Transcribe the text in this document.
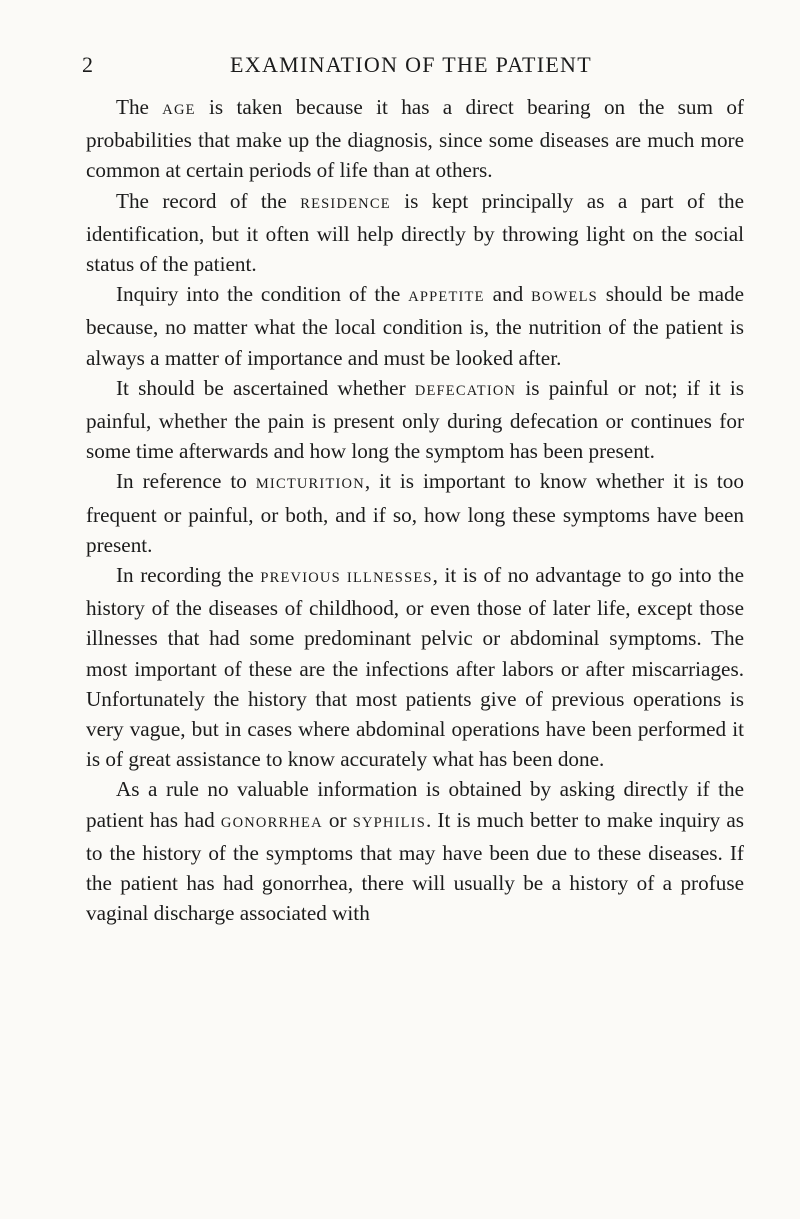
2	EXAMINATION OF THE PATIENT

The AGE is taken because it has a direct bearing on the sum of probabilities that make up the diagnosis, since some diseases are much more common at certain periods of life than at others.

The record of the RESIDENCE is kept principally as a part of the identification, but it often will help directly by throwing light on the social status of the patient.

Inquiry into the condition of the APPETITE and BOWELS should be made because, no matter what the local condition is, the nutrition of the patient is always a matter of importance and must be looked after.

It should be ascertained whether DEFECATION is painful or not; if it is painful, whether the pain is present only during defecation or continues for some time afterwards and how long the symptom has been present.

In reference to MICTURITION, it is important to know whether it is too frequent or painful, or both, and if so, how long these symptoms have been present.

In recording the PREVIOUS ILLNESSES, it is of no advantage to go into the history of the diseases of childhood, or even those of later life, except those illnesses that had some predominant pelvic or abdominal symptoms. The most important of these are the infections after labors or after miscarriages. Unfortunately the history that most patients give of previous operations is very vague, but in cases where abdominal operations have been performed it is of great assistance to know accurately what has been done.

As a rule no valuable information is obtained by asking directly if the patient has had GONORRHEA or SYPHILIS. It is much better to make inquiry as to the history of the symptoms that may have been due to these diseases. If the patient has had gonorrhea, there will usually be a history of a profuse vaginal discharge associated with
